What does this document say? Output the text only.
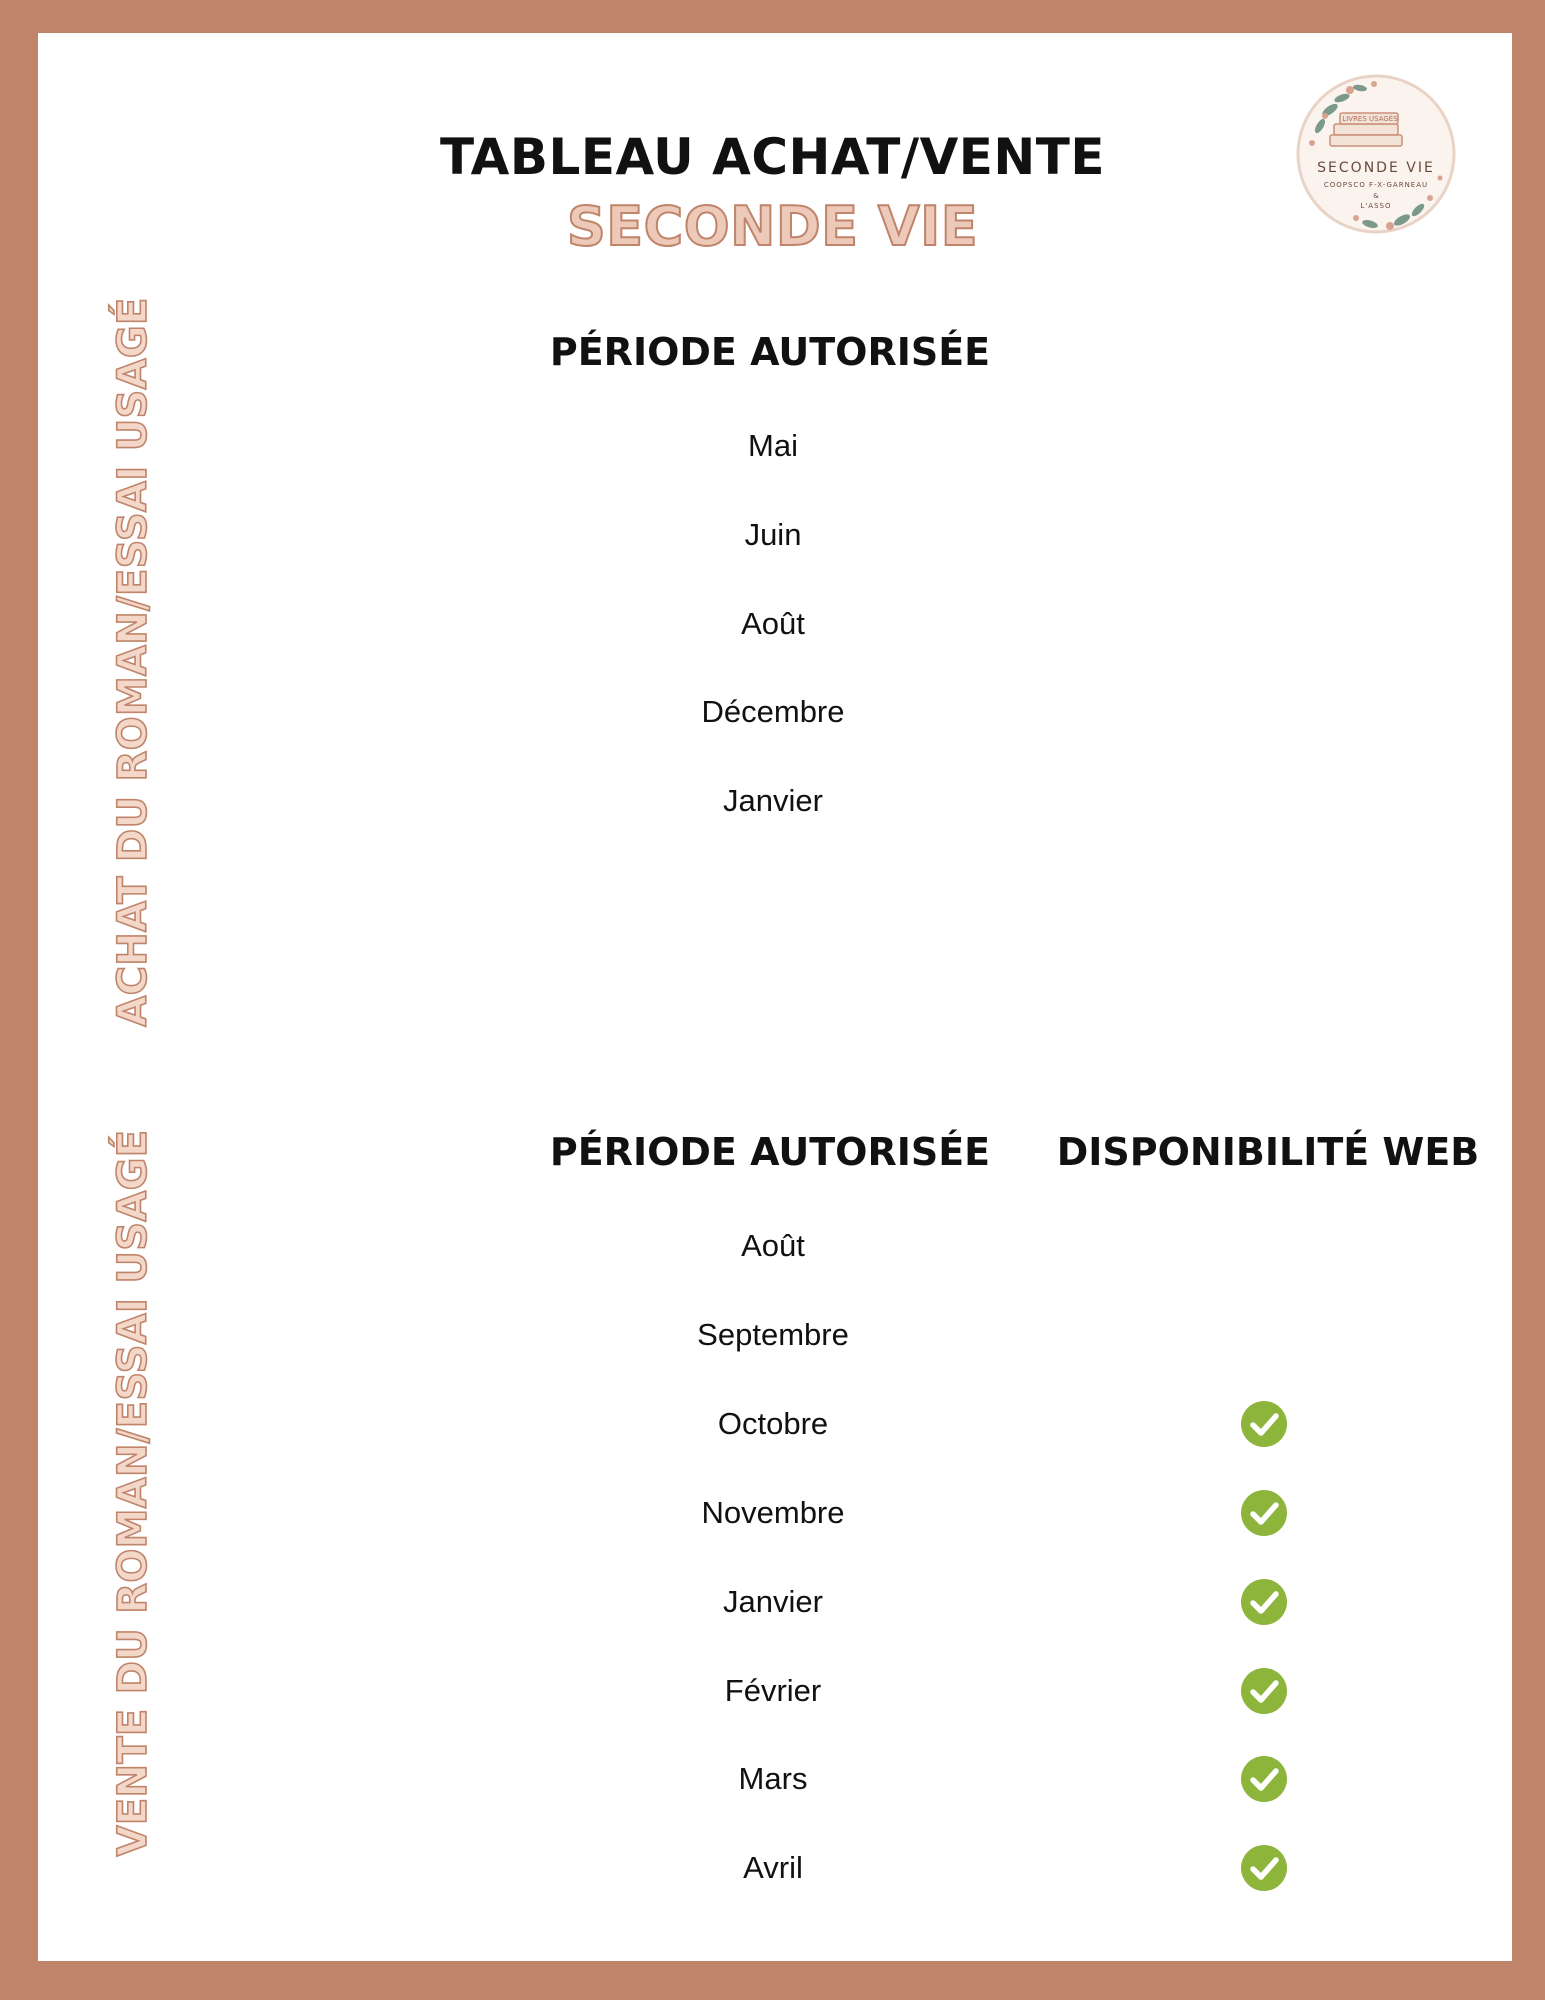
TABLEAU ACHAT/VENTE
SECONDE VIE
LIVRES USAGÉS
SECONDE VIE
COOPSCO F-X-GARNEAU
&
L'ASSO
ACHAT DU ROMAN/ESSAI USAGÉ
VENTE DU ROMAN/ESSAI USAGÉ
PÉRIODE AUTORISÉE
Mai
Juin
Août
Décembre
Janvier
PÉRIODE AUTORISÉE DISPONIBILITÉ WEB
Août
Septembre
Octobre
Novembre
Janvier
Février
Mars
Avril
